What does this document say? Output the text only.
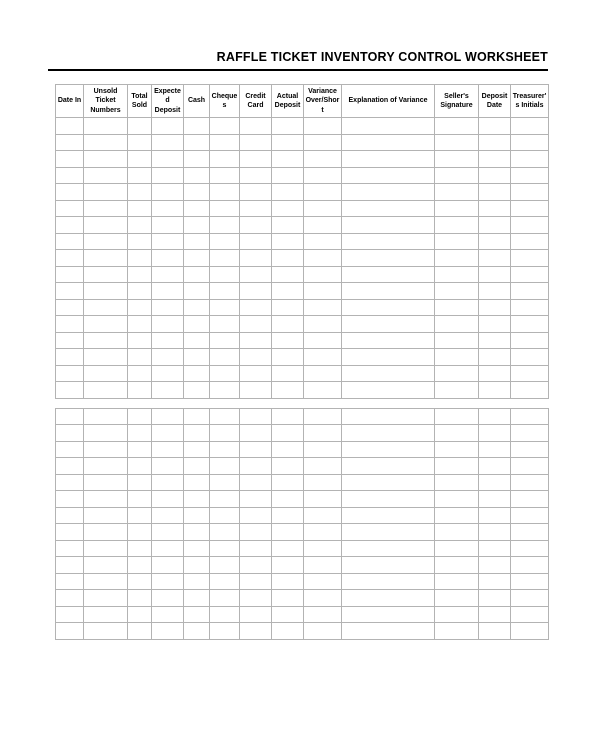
RAFFLE TICKET INVENTORY CONTROL WORKSHEET
Date In	Unsold Ticket Numbers	Total Sold	Expected Deposit	Cash	Cheques	Credit Card	Actual Deposit	Variance Over/Short	Explanation of Variance	Seller's Signature	Deposit Date	Treasurer's Initials
